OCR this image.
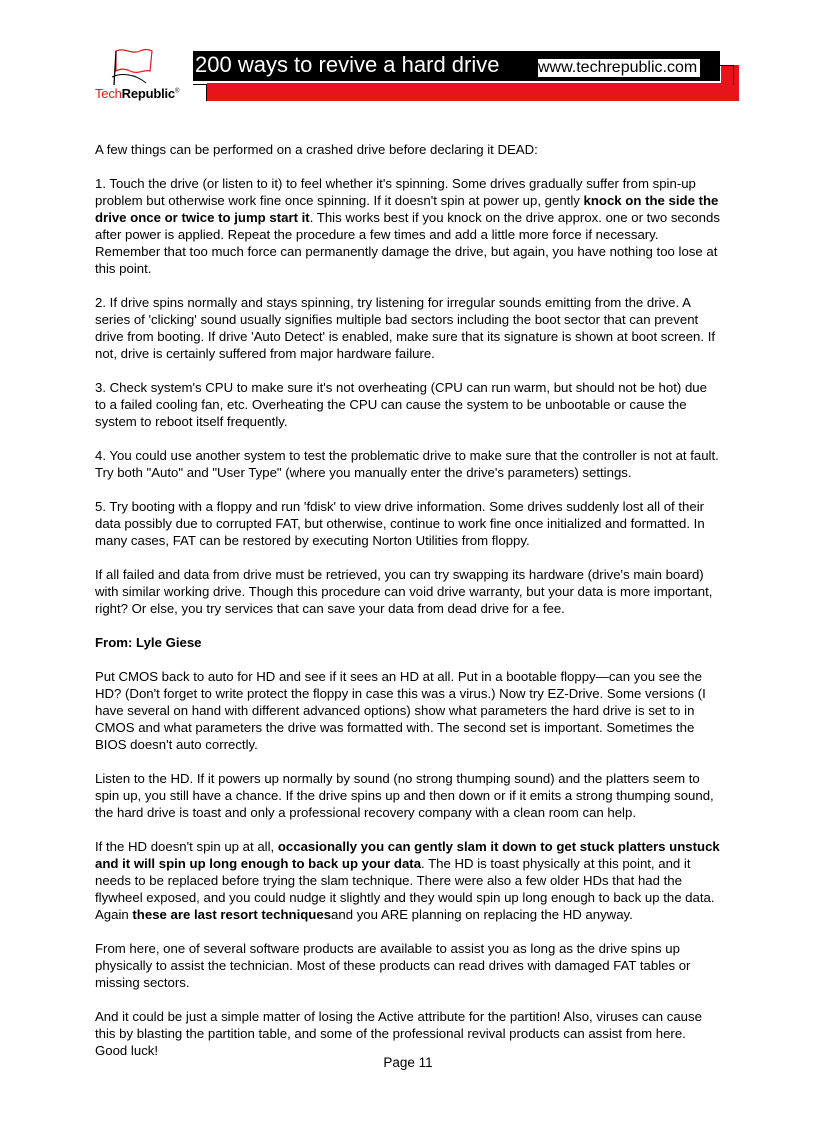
TechRepublic®
200 ways to revive a hard drive www.techrepublic.com

A few things can be performed on a crashed drive before declaring it DEAD:

1. Touch the drive (or listen to it) to feel whether it's spinning. Some drives gradually suffer from spin-up problem but otherwise work fine once spinning. If it doesn't spin at power up, gently knock on the side the drive once or twice to jump start it. This works best if you knock on the drive approx. one or two seconds after power is applied. Repeat the procedure a few times and add a little more force if necessary. Remember that too much force can permanently damage the drive, but again, you have nothing too lose at this point.

2. If drive spins normally and stays spinning, try listening for irregular sounds emitting from the drive. A series of 'clicking' sound usually signifies multiple bad sectors including the boot sector that can prevent drive from booting. If drive 'Auto Detect' is enabled, make sure that its signature is shown at boot screen. If not, drive is certainly suffered from major hardware failure.

3. Check system's CPU to make sure it's not overheating (CPU can run warm, but should not be hot) due to a failed cooling fan, etc. Overheating the CPU can cause the system to be unbootable or cause the system to reboot itself frequently.

4. You could use another system to test the problematic drive to make sure that the controller is not at fault. Try both "Auto" and "User Type" (where you manually enter the drive's parameters) settings.

5. Try booting with a floppy and run 'fdisk' to view drive information. Some drives suddenly lost all of their data possibly due to corrupted FAT, but otherwise, continue to work fine once initialized and formatted. In many cases, FAT can be restored by executing Norton Utilities from floppy.

If all failed and data from drive must be retrieved, you can try swapping its hardware (drive's main board) with similar working drive. Though this procedure can void drive warranty, but your data is more important, right? Or else, you try services that can save your data from dead drive for a fee.

From: Lyle Giese

Put CMOS back to auto for HD and see if it sees an HD at all. Put in a bootable floppy—can you see the HD? (Don't forget to write protect the floppy in case this was a virus.) Now try EZ-Drive. Some versions (I have several on hand with different advanced options) show what parameters the hard drive is set to in CMOS and what parameters the drive was formatted with. The second set is important. Sometimes the BIOS doesn't auto correctly.

Listen to the HD. If it powers up normally by sound (no strong thumping sound) and the platters seem to spin up, you still have a chance. If the drive spins up and then down or if it emits a strong thumping sound, the hard drive is toast and only a professional recovery company with a clean room can help.

If the HD doesn't spin up at all, occasionally you can gently slam it down to get stuck platters unstuck and it will spin up long enough to back up your data. The HD is toast physically at this point, and it needs to be replaced before trying the slam technique. There were also a few older HDs that had the flywheel exposed, and you could nudge it slightly and they would spin up long enough to back up the data. Again these are last resort techniquesand you ARE planning on replacing the HD anyway.

From here, one of several software products are available to assist you as long as the drive spins up physically to assist the technician. Most of these products can read drives with damaged FAT tables or missing sectors.

And it could be just a simple matter of losing the Active attribute for the partition! Also, viruses can cause this by blasting the partition table, and some of the professional revival products can assist from here. Good luck!

Page 11
